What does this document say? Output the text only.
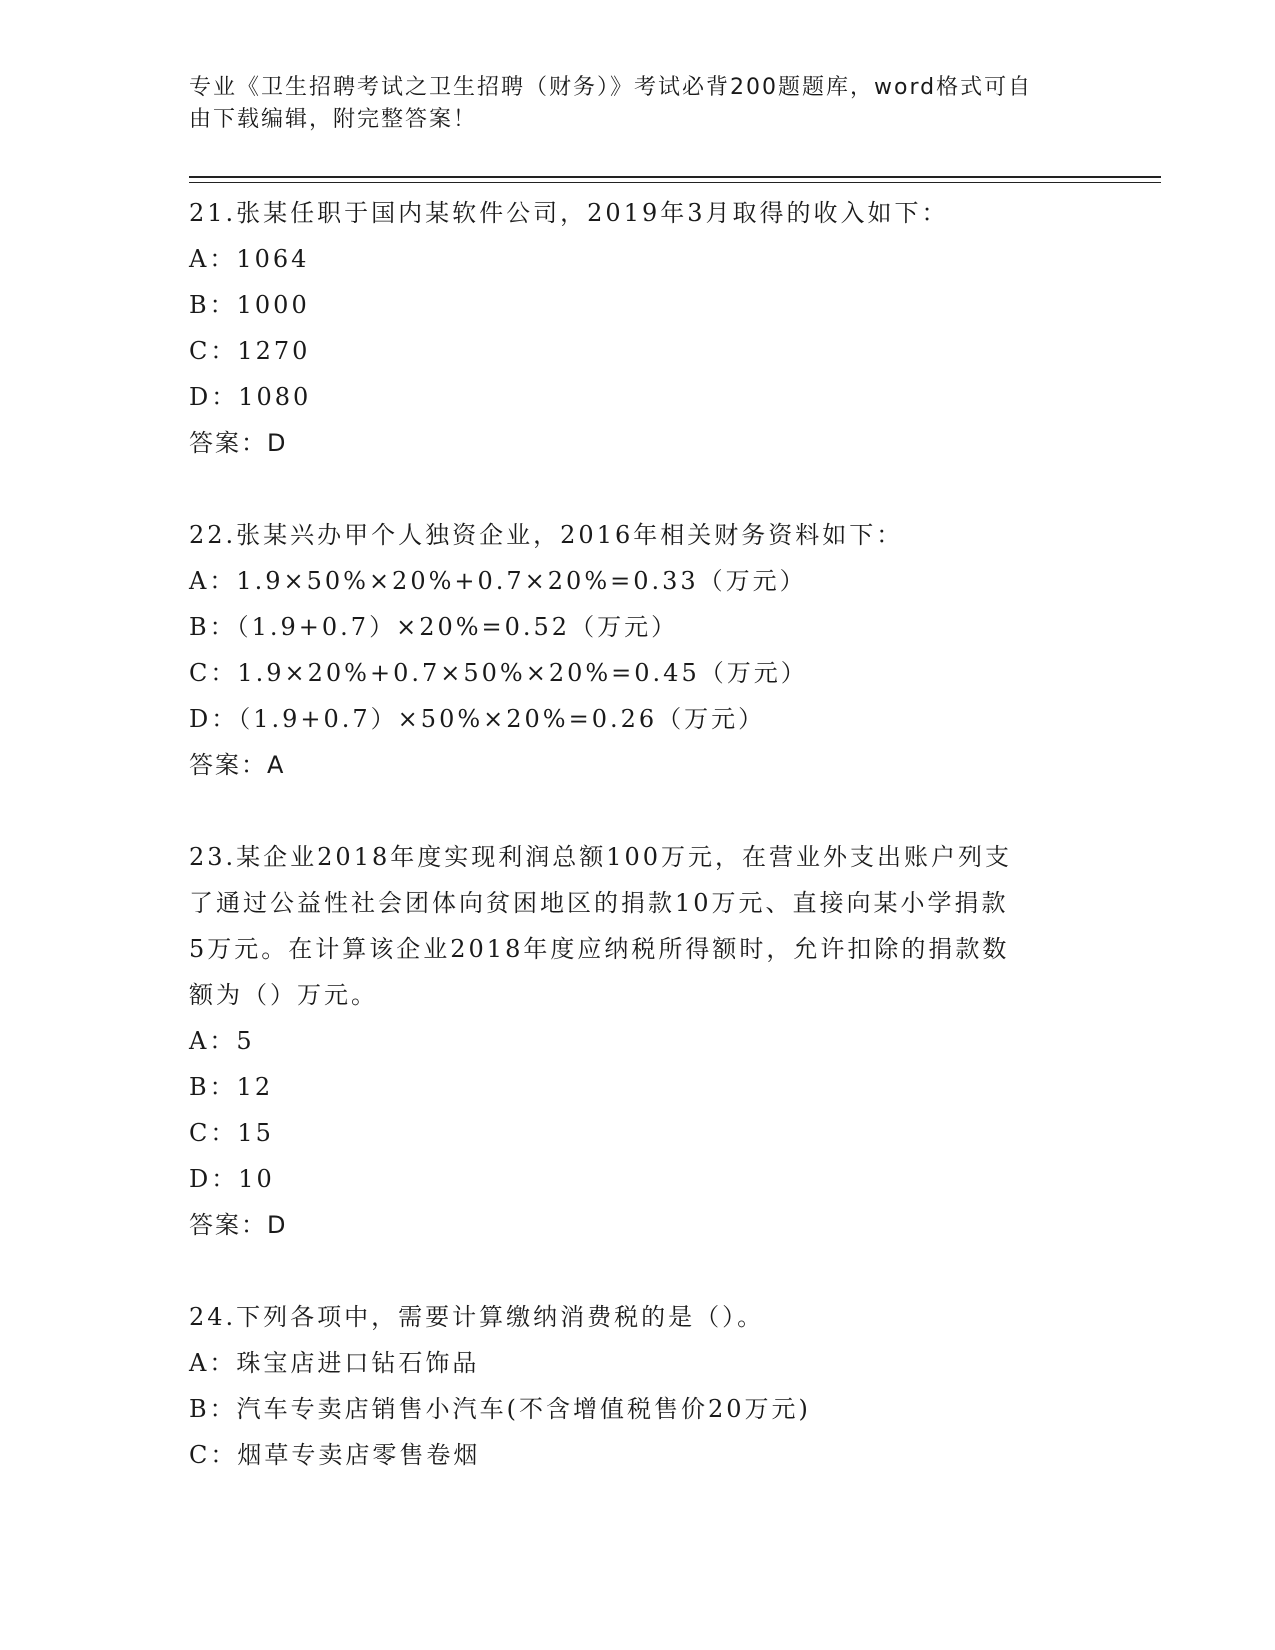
专业《卫生招聘考试之卫生招聘（财务）》考试必背200题题库，word格式可自
由下载编辑，附完整答案！
21.张某任职于国内某软件公司，2019年3月取得的收入如下：
A：1064
B：1000
C：1270
D：1080
答案：D
22.张某兴办甲个人独资企业，2016年相关财务资料如下：
A：1.9×50%×20%+0.7×20%=0.33（万元）
B：（1.9+0.7）×20%=0.52（万元）
C：1.9×20%+0.7×50%×20%=0.45（万元）
D：（1.9+0.7）×50%×20%=0.26（万元）
答案：A
23.某企业2018年度实现利润总额100万元，在营业外支出账户列支
了通过公益性社会团体向贫困地区的捐款10万元、直接向某小学捐款
5万元。在计算该企业2018年度应纳税所得额时，允许扣除的捐款数
额为（）万元。
A：5
B：12
C：15
D：10
答案：D
24.下列各项中，需要计算缴纳消费税的是（）。
A：珠宝店进口钻石饰品
B：汽车专卖店销售小汽车(不含增值税售价20万元)
C：烟草专卖店零售卷烟
